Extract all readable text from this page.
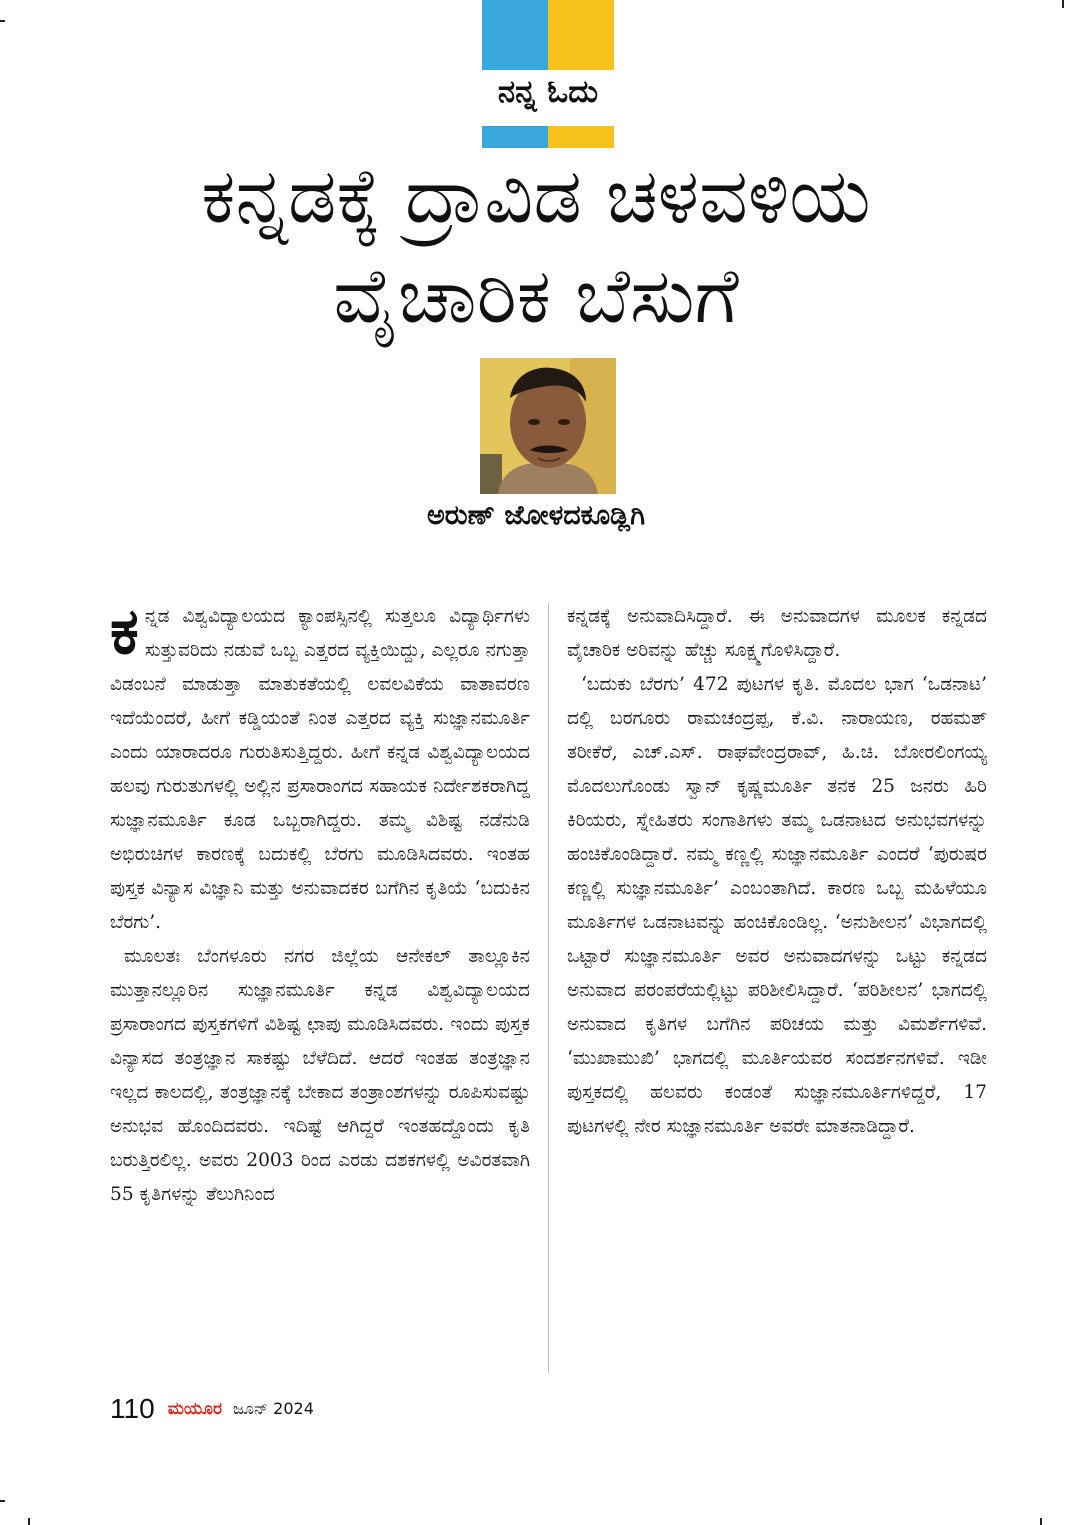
ನನ್ನ ಓದು
ಕನ್ನಡಕ್ಕೆ ದ್ರಾವಿಡ ಚಳವಳಿಯ
ವೈಚಾರಿಕ ಬೆಸುಗೆ
ಅರುಣ್ ಜೋಳದಕೂಡ್ಲಿಗಿ

ಕನ್ನಡ ವಿಶ್ವವಿದ್ಯಾಲಯದ ಕ್ಯಾಂಪಸ್ಸಿನಲ್ಲಿ ಸುತ್ತಲೂ ವಿದ್ಯಾರ್ಥಿಗಳು ಸುತ್ತುವರಿದು ನಡುವೆ ಒಬ್ಬ ಎತ್ತರದ ವ್ಯಕ್ತಿಯಿದ್ದು, ಎಲ್ಲರೂ ನಗುತ್ತಾ ವಿಡಂಬನೆ ಮಾಡುತ್ತಾ ಮಾತುಕತೆಯಲ್ಲಿ ಲವಲವಿಕೆಯ ವಾತಾವರಣ ಇದೆಯೆಂದರೆ, ಹೀಗೆ ಕಡ್ಡಿಯಂತೆ ನಿಂತ ಎತ್ತರದ ವ್ಯಕ್ತಿ ಸುಜ್ಞಾನಮೂರ್ತಿ ಎಂದು ಯಾರಾದರೂ ಗುರುತಿಸುತ್ತಿದ್ದರು. ಹೀಗೆ ಕನ್ನಡ ವಿಶ್ವವಿದ್ಯಾಲಯದ ಹಲವು ಗುರುತುಗಳಲ್ಲಿ ಅಲ್ಲಿನ ಪ್ರಸಾರಾಂಗದ ಸಹಾಯಕ ನಿರ್ದೇಶಕರಾಗಿದ್ದ ಸುಜ್ಞಾನಮೂರ್ತಿ ಕೂಡ ಒಬ್ಬರಾಗಿದ್ದರು. ತಮ್ಮ ವಿಶಿಷ್ಟ ನಡೆನುಡಿ ಅಭಿರುಚಿಗಳ ಕಾರಣಕ್ಕೆ ಬದುಕಲ್ಲಿ ಬೆರಗು ಮೂಡಿಸಿದವರು. ಇಂತಹ ಪುಸ್ತಕ ವಿನ್ಯಾಸ ವಿಜ್ಞಾನಿ ಮತ್ತು ಅನುವಾದಕರ ಬಗೆಗಿನ ಕೃತಿಯೆ ‘ಬದುಕಿನ ಬೆರಗು’.

ಮೂಲತಃ ಬೆಂಗಳೂರು ನಗರ ಜಿಲ್ಲೆಯ ಆನೇಕಲ್ ತಾಲ್ಲೂಕಿನ ಮುತ್ತಾನಲ್ಲೂರಿನ ಸುಜ್ಞಾನಮೂರ್ತಿ ಕನ್ನಡ ವಿಶ್ವವಿದ್ಯಾಲಯದ ಪ್ರಸಾರಾಂಗದ ಪುಸ್ತಕಗಳಿಗೆ ವಿಶಿಷ್ಟ ಛಾಪು ಮೂಡಿಸಿದವರು. ಇಂದು ಪುಸ್ತಕ ವಿನ್ಯಾಸದ ತಂತ್ರಜ್ಞಾನ ಸಾಕಷ್ಟು ಬೆಳೆದಿದೆ. ಆದರೆ ಇಂತಹ ತಂತ್ರಜ್ಞಾನ ಇಲ್ಲದ ಕಾಲದಲ್ಲಿ, ತಂತ್ರಜ್ಞಾನಕ್ಕೆ ಬೇಕಾದ ತಂತ್ರಾಂಶಗಳನ್ನು ರೂಪಿಸುವಷ್ಟು ಅನುಭವ ಹೊಂದಿದವರು. ಇದಿಷ್ಟೆ ಆಗಿದ್ದರೆ ಇಂತಹದ್ದೊಂದು ಕೃತಿ ಬರುತ್ತಿರಲಿಲ್ಲ. ಅವರು 2003 ರಿಂದ ಎರಡು ದಶಕಗಳಲ್ಲಿ ಅವಿರತವಾಗಿ 55 ಕೃತಿಗಳನ್ನು ತೆಲುಗಿನಿಂದ

ಕನ್ನಡಕ್ಕೆ ಅನುವಾದಿಸಿದ್ದಾರೆ. ಈ ಅನುವಾದಗಳ ಮೂಲಕ ಕನ್ನಡದ ವೈಚಾರಿಕ ಅರಿವನ್ನು ಹೆಚ್ಚು ಸೂಕ್ಷ್ಮಗೊಳಿಸಿದ್ದಾರೆ.

‘ಬದುಕು ಬೆರಗು’ 472 ಪುಟಗಳ ಕೃತಿ. ಮೊದಲ ಭಾಗ ‘ಒಡನಾಟ’ ದಲ್ಲಿ ಬರಗೂರು ರಾಮಚಂದ್ರಪ್ಪ, ಕೆ.ವಿ. ನಾರಾಯಣ, ರಹಮತ್ ತರೀಕೆರೆ, ಎಚ್.ಎಸ್. ರಾಘವೇಂದ್ರರಾವ್, ಹಿ.ಚಿ. ಬೋರಲಿಂಗಯ್ಯ ಮೊದಲುಗೊಂಡು ಸ್ವಾನ್ ಕೃಷ್ಣಮೂರ್ತಿ ತನಕ 25 ಜನರು ಹಿರಿ ಕಿರಿಯರು, ಸ್ನೇಹಿತರು ಸಂಗಾತಿಗಳು ತಮ್ಮ ಒಡನಾಟದ ಅನುಭವಗಳನ್ನು ಹಂಚಿಕೊಂಡಿದ್ದಾರೆ. ನಮ್ಮ ಕಣ್ಣಲ್ಲಿ ಸುಜ್ಞಾನಮೂರ್ತಿ ಎಂದರೆ ‘ಪುರುಷರ ಕಣ್ಣಲ್ಲಿ ಸುಜ್ಞಾನಮೂರ್ತಿ’ ಎಂಬಂತಾಗಿದೆ. ಕಾರಣ ಒಬ್ಬ ಮಹಿಳೆಯೂ ಮೂರ್ತಿಗಳ ಒಡನಾಟವನ್ನು ಹಂಚಿಕೊಂಡಿಲ್ಲ. ‘ಅನುಶೀಲನ’ ವಿಭಾಗದಲ್ಲಿ ಒಟ್ಟಾರೆ ಸುಜ್ಞಾನಮೂರ್ತಿ ಅವರ ಅನುವಾದಗಳನ್ನು ಒಟ್ಟು ಕನ್ನಡದ ಅನುವಾದ ಪರಂಪರೆಯಲ್ಲಿಟ್ಟು ಪರಿಶೀಲಿಸಿದ್ದಾರೆ. ‘ಪರಿಶೀಲನ’ ಭಾಗದಲ್ಲಿ ಅನುವಾದ ಕೃತಿಗಳ ಬಗೆಗಿನ ಪರಿಚಯ ಮತ್ತು ವಿಮರ್ಶೆಗಳಿವೆ. ‘ಮುಖಾಮುಖಿ’ ಭಾಗದಲ್ಲಿ ಮೂರ್ತಿಯವರ ಸಂದರ್ಶನಗಳಿವೆ. ಇಡೀ ಪುಸ್ತಕದಲ್ಲಿ ಹಲವರು ಕಂಡಂತೆ ಸುಜ್ಞಾನಮೂರ್ತಿಗಳಿದ್ದರೆ, 17 ಪುಟಗಳಲ್ಲಿ ನೇರ ಸುಜ್ಞಾನಮೂರ್ತಿ ಅವರೇ ಮಾತನಾಡಿದ್ದಾರೆ.

110 ಮಯೂರ ಜೂನ್ 2024
